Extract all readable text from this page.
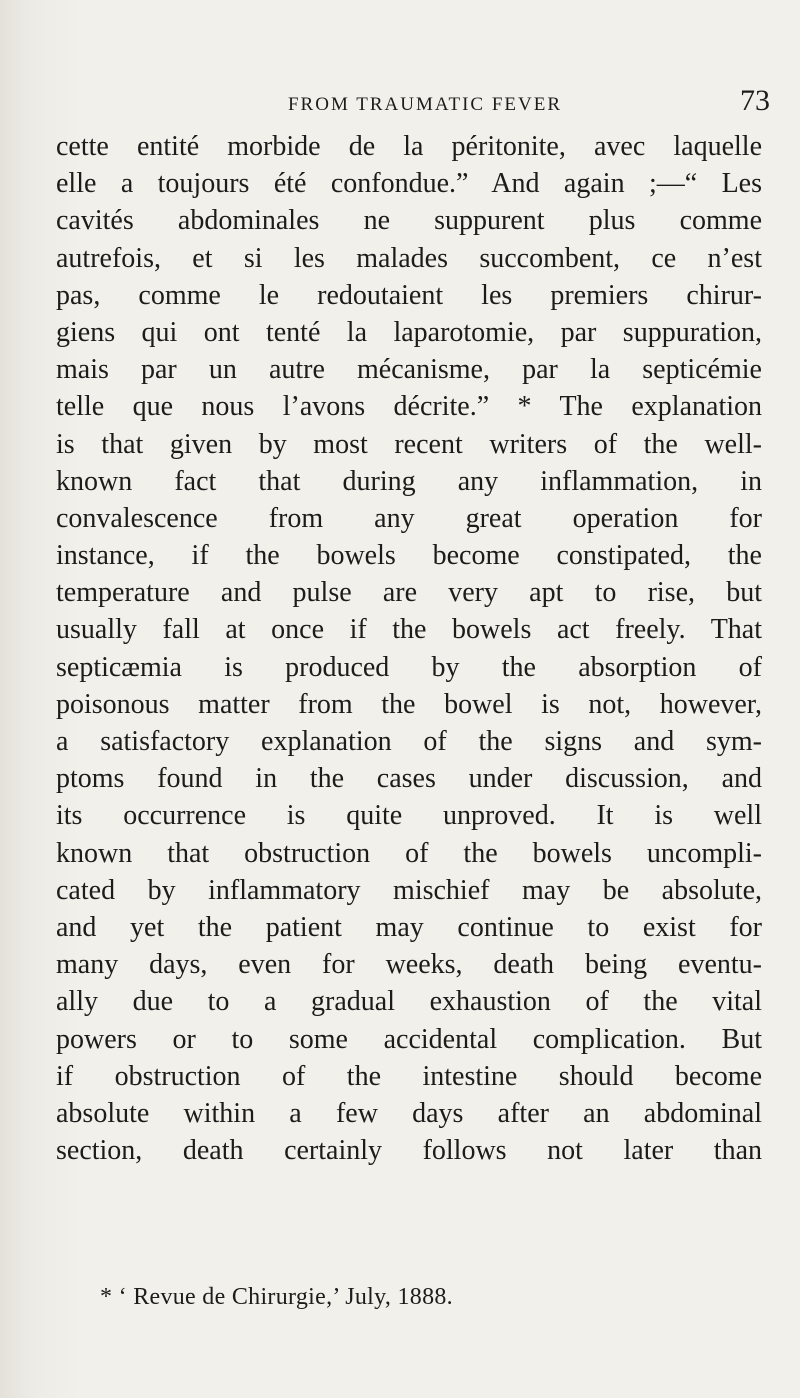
FROM TRAUMATIC FEVER	73
cette entité morbide de la péritonite, avec laquelle
elle a toujours été confondue.” And again ;—“ Les
cavités abdominales ne suppurent plus comme
autrefois, et si les malades succombent, ce n’est
pas, comme le redoutaient les premiers chirur-
giens qui ont tenté la laparotomie, par suppuration,
mais par un autre mécanisme, par la septicémie
telle que nous l’avons décrite.” * The explanation
is that given by most recent writers of the well-
known fact that during any inflammation, in
convalescence from any great operation for
instance, if the bowels become constipated, the
temperature and pulse are very apt to rise, but
usually fall at once if the bowels act freely. That
septicæmia is produced by the absorption of
poisonous matter from the bowel is not, however,
a satisfactory explanation of the signs and sym-
ptoms found in the cases under discussion, and
its occurrence is quite unproved. It is well
known that obstruction of the bowels uncompli-
cated by inflammatory mischief may be absolute,
and yet the patient may continue to exist for
many days, even for weeks, death being eventu-
ally due to a gradual exhaustion of the vital
powers or to some accidental complication. But
if obstruction of the intestine should become
absolute within a few days after an abdominal
section, death certainly follows not later than
* ‘ Revue de Chirurgie,’ July, 1888.
